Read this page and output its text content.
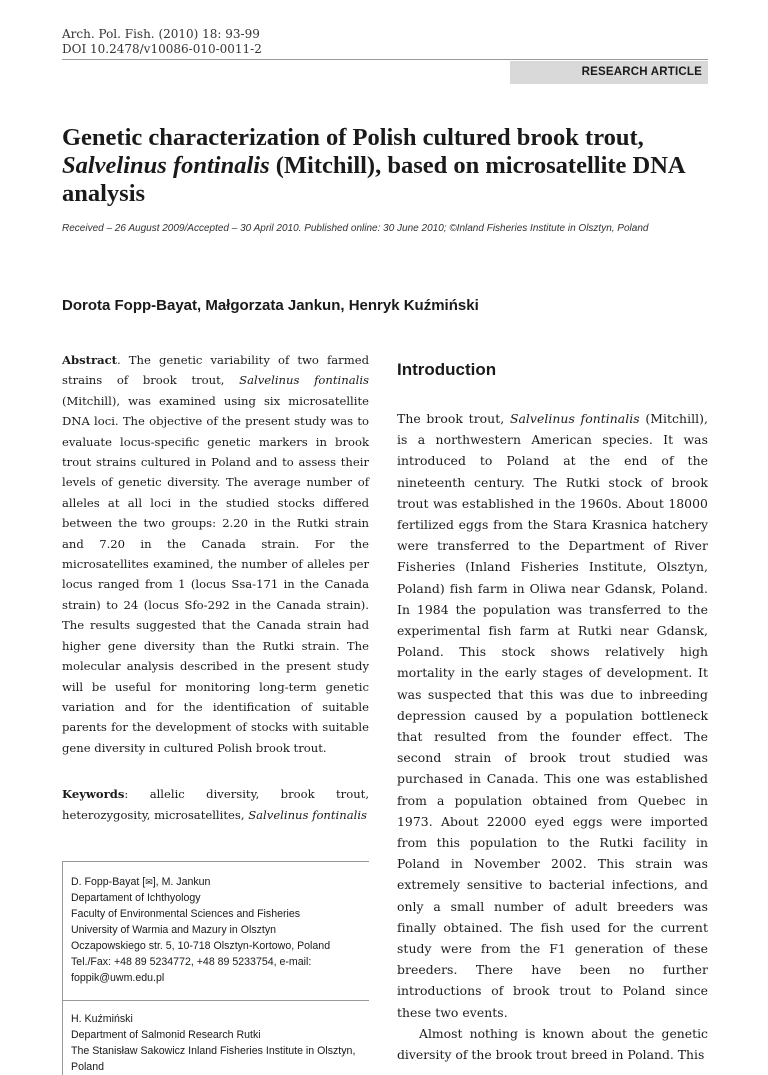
Arch. Pol. Fish. (2010) 18: 93-99
DOI 10.2478/v10086-010-0011-2
RESEARCH ARTICLE
Genetic characterization of Polish cultured brook trout,
Salvelinus fontinalis (Mitchill), based on microsatellite DNA
analysis
Received – 26 August 2009/Accepted – 30 April 2010. Published online: 30 June 2010; ©Inland Fisheries Institute in Olsztyn, Poland
Dorota Fopp-Bayat, Małgorzata Jankun, Henryk Kuźmiński

Abstract. The genetic variability of two farmed strains of brook trout, Salvelinus fontinalis (Mitchill), was examined using six microsatellite DNA loci. The objective of the present study was to evaluate locus-specific genetic markers in brook trout strains cultured in Poland and to assess their levels of genetic diversity. The average number of alleles at all loci in the studied stocks differed between the two groups: 2.20 in the Rutki strain and 7.20 in the Canada strain. For the microsatellites examined, the number of alleles per locus ranged from 1 (locus Ssa-171 in the Canada strain) to 24 (locus Sfo-292 in the Canada strain). The results suggested that the Canada strain had higher gene diversity than the Rutki strain. The molecular analysis described in the present study will be useful for monitoring long-term genetic variation and for the identification of suitable parents for the development of stocks with suitable gene diversity in cultured Polish brook trout.

Keywords: allelic diversity, brook trout, heterozygosity, microsatellites, Salvelinus fontinalis

D. Fopp-Bayat [✉], M. Jankun
Departament of Ichthyology
Faculty of Environmental Sciences and Fisheries
University of Warmia and Mazury in Olsztyn
Oczapowskiego str. 5, 10-718 Olsztyn-Kortowo, Poland
Tel./Fax: +48 89 5234772, +48 89 5233754, e-mail:
foppik@uwm.edu.pl
H. Kuźmiński
Department of Salmonid Research Rutki
The Stanisław Sakowicz Inland Fisheries Institute in Olsztyn, Poland
Introduction

The brook trout, Salvelinus fontinalis (Mitchill), is a northwestern American species. It was introduced to Poland at the end of the nineteenth century. The Rutki stock of brook trout was established in the 1960s. About 18000 fertilized eggs from the Stara Krasnica hatchery were transferred to the Department of River Fisheries (Inland Fisheries Institute, Olsztyn, Poland) fish farm in Oliwa near Gdansk, Poland. In 1984 the population was transferred to the experimental fish farm at Rutki near Gdansk, Poland. This stock shows relatively high mortality in the early stages of development. It was suspected that this was due to inbreeding depression caused by a population bottleneck that resulted from the founder effect. The second strain of brook trout studied was purchased in Canada. This one was established from a population obtained from Quebec in 1973. About 22000 eyed eggs were imported from this population to the Rutki facility in Poland in November 2002. This strain was extremely sensitive to bacterial infections, and only a small number of adult breeders was finally obtained. The fish used for the current study were from the F1 generation of these breeders. There have been no further introductions of brook trout to Poland since these two events.

Almost nothing is known about the genetic diversity of the brook trout breed in Poland. This
